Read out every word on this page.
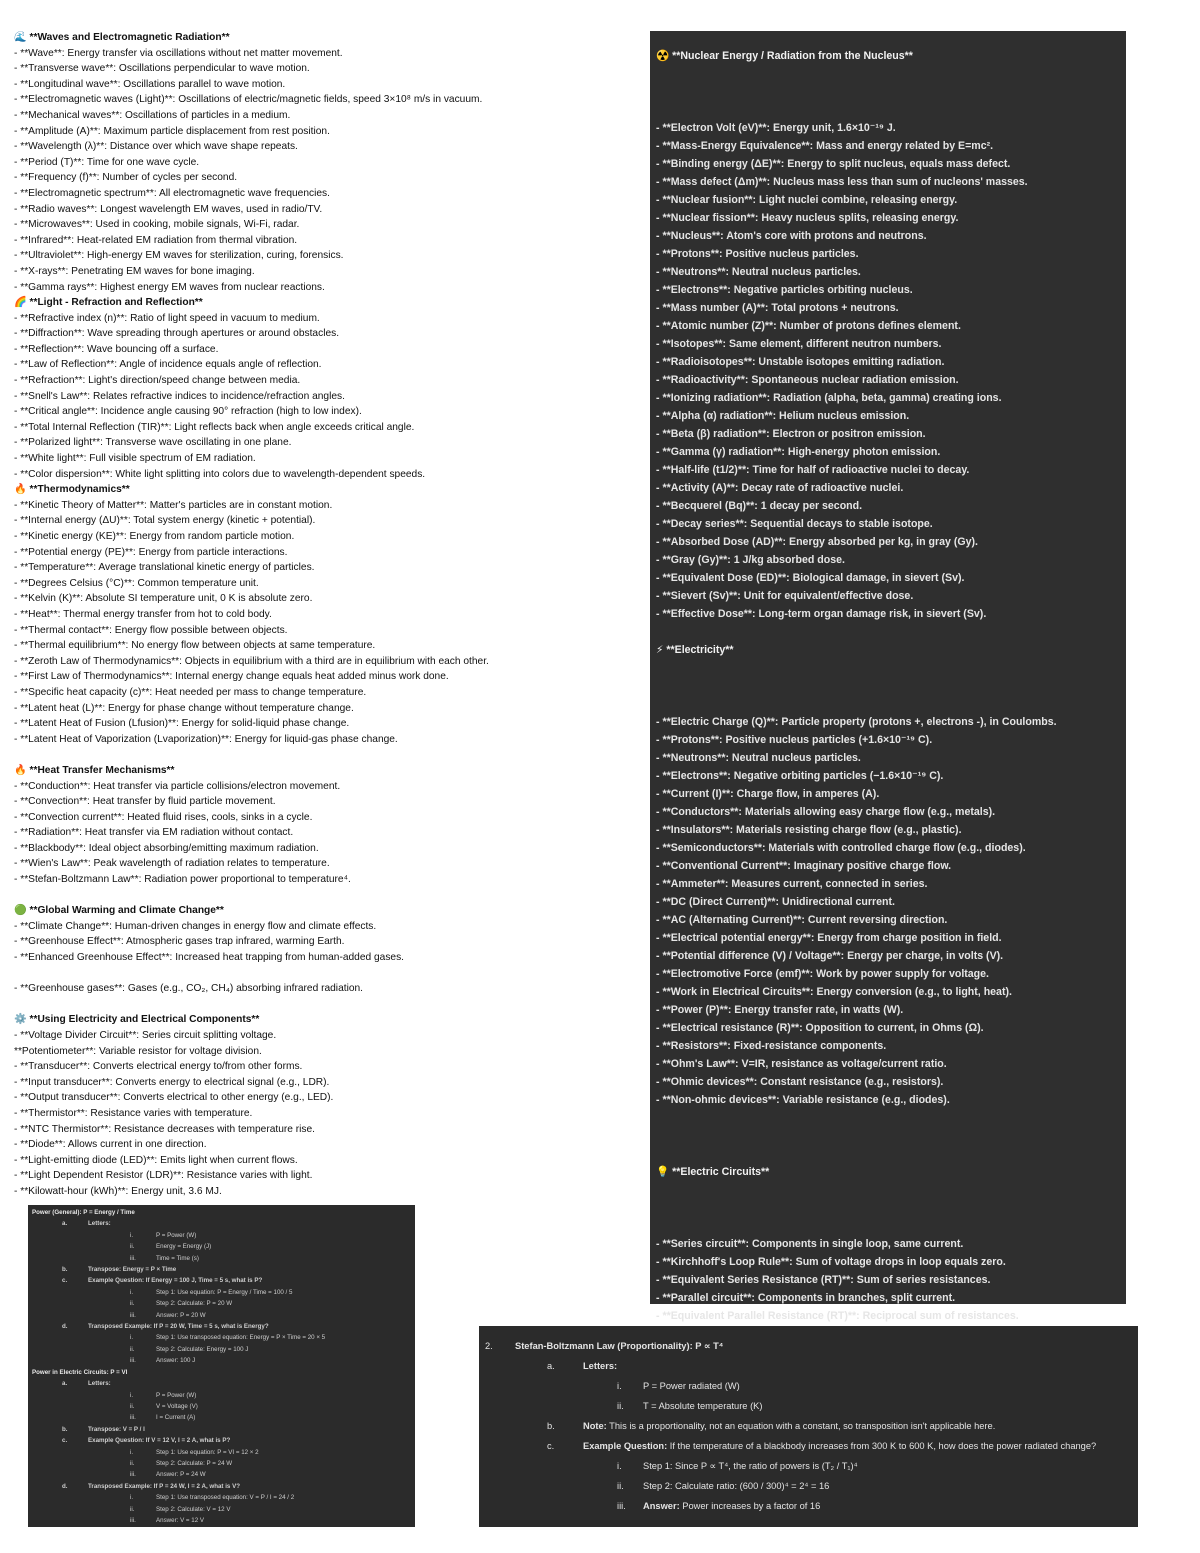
🌊 **Waves and Electromagnetic Radiation**
- **Wave**: Energy transfer via oscillations without net matter movement.
- **Transverse wave**: Oscillations perpendicular to wave motion.
- **Longitudinal wave**: Oscillations parallel to wave motion.
- **Electromagnetic waves (Light)**: Oscillations of electric/magnetic fields, speed 3×10⁸ m/s in vacuum.
- **Mechanical waves**: Oscillations of particles in a medium.
- **Amplitude (A)**: Maximum particle displacement from rest position.
- **Wavelength (λ)**: Distance over which wave shape repeats.
- **Period (T)**: Time for one wave cycle.
- **Frequency (f)**: Number of cycles per second.
- **Electromagnetic spectrum**: All electromagnetic wave frequencies.
- **Radio waves**: Longest wavelength EM waves, used in radio/TV.
- **Microwaves**: Used in cooking, mobile signals, Wi-Fi, radar.
- **Infrared**: Heat-related EM radiation from thermal vibration.
- **Ultraviolet**: High-energy EM waves for sterilization, curing, forensics.
- **X-rays**: Penetrating EM waves for bone imaging.
- **Gamma rays**: Highest energy EM waves from nuclear reactions.
🌈 **Light - Refraction and Reflection**
- **Refractive index (n)**: Ratio of light speed in vacuum to medium.
- **Diffraction**: Wave spreading through apertures or around obstacles.
- **Reflection**: Wave bouncing off a surface.
- **Law of Reflection**: Angle of incidence equals angle of reflection.
- **Refraction**: Light's direction/speed change between media.
- **Snell's Law**: Relates refractive indices to incidence/refraction angles.
- **Critical angle**: Incidence angle causing 90° refraction (high to low index).
- **Total Internal Reflection (TIR)**: Light reflects back when angle exceeds critical angle.
- **Polarized light**: Transverse wave oscillating in one plane.
- **White light**: Full visible spectrum of EM radiation.
- **Color dispersion**: White light splitting into colors due to wavelength-dependent speeds.
🔥 **Thermodynamics**
- **Kinetic Theory of Matter**: Matter's particles are in constant motion.
- **Internal energy (ΔU)**: Total system energy (kinetic + potential).
- **Kinetic energy (KE)**: Energy from random particle motion.
- **Potential energy (PE)**: Energy from particle interactions.
- **Temperature**: Average translational kinetic energy of particles.
- **Degrees Celsius (°C)**: Common temperature unit.
- **Kelvin (K)**: Absolute SI temperature unit, 0 K is absolute zero.
- **Heat**: Thermal energy transfer from hot to cold body.
- **Thermal contact**: Energy flow possible between objects.
- **Thermal equilibrium**: No energy flow between objects at same temperature.
- **Zeroth Law of Thermodynamics**: Objects in equilibrium with a third are in equilibrium with each other.
- **First Law of Thermodynamics**: Internal energy change equals heat added minus work done.
- **Specific heat capacity (c)**: Heat needed per mass to change temperature.
- **Latent heat (L)**: Energy for phase change without temperature change.
- **Latent Heat of Fusion (Lfusion)**: Energy for solid-liquid phase change.
- **Latent Heat of Vaporization (Lvaporization)**: Energy for liquid-gas phase change.
🔥 **Heat Transfer Mechanisms**
- **Conduction**: Heat transfer via particle collisions/electron movement.
- **Convection**: Heat transfer by fluid particle movement.
- **Convection current**: Heated fluid rises, cools, sinks in a cycle.
- **Radiation**: Heat transfer via EM radiation without contact.
- **Blackbody**: Ideal object absorbing/emitting maximum radiation.
- **Wien's Law**: Peak wavelength of radiation relates to temperature.
- **Stefan-Boltzmann Law**: Radiation power proportional to temperature⁴.
🟢 **Global Warming and Climate Change**
- **Climate Change**: Human-driven changes in energy flow and climate effects.
- **Greenhouse Effect**: Atmospheric gases trap infrared, warming Earth.
- **Enhanced Greenhouse Effect**: Increased heat trapping from human-added gases.
- **Greenhouse gases**: Gases (e.g., CO₂, CH₄) absorbing infrared radiation.
⚙️ **Using Electricity and Electrical Components**
- **Voltage Divider Circuit**: Series circuit splitting voltage.
**Potentiometer**: Variable resistor for voltage division.
- **Transducer**: Converts electrical energy to/from other forms.
- **Input transducer**: Converts energy to electrical signal (e.g., LDR).
- **Output transducer**: Converts electrical to other energy (e.g., LED).
- **Thermistor**: Resistance varies with temperature.
- **NTC Thermistor**: Resistance decreases with temperature rise.
- **Diode**: Allows current in one direction.
- **Light-emitting diode (LED)**: Emits light when current flows.
- **Light Dependent Resistor (LDR)**: Resistance varies with light.
- **Kilowatt-hour (kWh)**: Energy unit, 3.6 MJ.
☢️ **Nuclear Energy / Radiation from the Nucleus**
- **Electron Volt (eV)**: Energy unit, 1.6×10⁻¹⁹ J.
- **Mass-Energy Equivalence**: Mass and energy related by E=mc².
- **Binding energy (ΔE)**: Energy to split nucleus, equals mass defect.
- **Mass defect (Δm)**: Nucleus mass less than sum of nucleons' masses.
- **Nuclear fusion**: Light nuclei combine, releasing energy.
- **Nuclear fission**: Heavy nucleus splits, releasing energy.
- **Nucleus**: Atom's core with protons and neutrons.
- **Protons**: Positive nucleus particles.
- **Neutrons**: Neutral nucleus particles.
- **Electrons**: Negative particles orbiting nucleus.
- **Mass number (A)**: Total protons + neutrons.
- **Atomic number (Z)**: Number of protons defines element.
- **Isotopes**: Same element, different neutron numbers.
- **Radioisotopes**: Unstable isotopes emitting radiation.
- **Radioactivity**: Spontaneous nuclear radiation emission.
- **Ionizing radiation**: Radiation (alpha, beta, gamma) creating ions.
- **Alpha (α) radiation**: Helium nucleus emission.
- **Beta (β) radiation**: Electron or positron emission.
- **Gamma (γ) radiation**: High-energy photon emission.
- **Half-life (t1/2)**: Time for half of radioactive nuclei to decay.
- **Activity (A)**: Decay rate of radioactive nuclei.
- **Becquerel (Bq)**: 1 decay per second.
- **Decay series**: Sequential decays to stable isotope.
- **Absorbed Dose (AD)**: Energy absorbed per kg, in gray (Gy).
- **Gray (Gy)**: 1 J/kg absorbed dose.
- **Equivalent Dose (ED)**: Biological damage, in sievert (Sv).
- **Sievert (Sv)**: Unit for equivalent/effective dose.
- **Effective Dose**: Long-term organ damage risk, in sievert (Sv).
⚡ **Electricity**
- **Electric Charge (Q)**: Particle property (protons +, electrons -), in Coulombs.
- **Protons**: Positive nucleus particles (+1.6×10⁻¹⁹ C).
- **Neutrons**: Neutral nucleus particles.
- **Electrons**: Negative orbiting particles (−1.6×10⁻¹⁹ C).
- **Current (I)**: Charge flow, in amperes (A).
- **Conductors**: Materials allowing easy charge flow (e.g., metals).
- **Insulators**: Materials resisting charge flow (e.g., plastic).
- **Semiconductors**: Materials with controlled charge flow (e.g., diodes).
- **Conventional Current**: Imaginary positive charge flow.
- **Ammeter**: Measures current, connected in series.
- **DC (Direct Current)**: Unidirectional current.
- **AC (Alternating Current)**: Current reversing direction.
- **Electrical potential energy**: Energy from charge position in field.
- **Potential difference (V) / Voltage**: Energy per charge, in volts (V).
- **Electromotive Force (emf)**: Work by power supply for voltage.
- **Work in Electrical Circuits**: Energy conversion (e.g., to light, heat).
- **Power (P)**: Energy transfer rate, in watts (W).
- **Electrical resistance (R)**: Opposition to current, in Ohms (Ω).
- **Resistors**: Fixed-resistance components.
- **Ohm's Law**: V=IR, resistance as voltage/current ratio.
- **Ohmic devices**: Constant resistance (e.g., resistors).
- **Non-ohmic devices**: Variable resistance (e.g., diodes).
💡 **Electric Circuits**
- **Series circuit**: Components in single loop, same current.
- **Kirchhoff's Loop Rule**: Sum of voltage drops in loop equals zero.
- **Equivalent Series Resistance (RT)**: Sum of series resistances.
- **Parallel circuit**: Components in branches, split current.
- **Equivalent Parallel Resistance (RT)**: Reciprocal sum of resistances.
Power (General): P = Energy / Time
a.	Letters:
i.	P = Power (W)
ii.	Energy = Energy (J)
iii.	Time = Time (s)
b.	Transpose: Energy = P × Time
c.	Example Question: If Energy = 100 J, Time = 5 s, what is P?
i.	Step 1: Use equation: P = Energy / Time = 100 / 5
ii.	Step 2: Calculate: P = 20 W
iii.	Answer: P = 20 W
d.	Transposed Example: If P = 20 W, Time = 5 s, what is Energy?
i.	Step 1: Use transposed equation: Energy = P × Time = 20 × 5
ii.	Step 2: Calculate: Energy = 100 J
iii.	Answer: 100 J
Power in Electric Circuits: P = VI
a.	Letters:
i.	P = Power (W)
ii.	V = Voltage (V)
iii.	I = Current (A)
b.	Transpose: V = P / I
c.	Example Question: If V = 12 V, I = 2 A, what is P?
i.	Step 1: Use equation: P = VI = 12 × 2
ii.	Step 2: Calculate: P = 24 W
iii.	Answer: P = 24 W
d.	Transposed Example: If P = 24 W, I = 2 A, what is V?
i.	Step 1: Use transposed equation: V = P / I = 24 / 2
ii.	Step 2: Calculate: V = 12 V
iii.	Answer: V = 12 V
2. Stefan-Boltzmann Law (Proportionality): P ∝ T⁴
a.	Letters:
i. P = Power radiated (W)
ii. T = Absolute temperature (K)
b.	Note: This is a proportionality, not an equation with a constant, so transposition isn't applicable here.
c.	Example Question: If the temperature of a blackbody increases from 300 K to 600 K, how does the power radiated change?
i. Step 1: Since P ∝ T⁴, the ratio of powers is (T₂ / T₁)⁴
ii. Step 2: Calculate ratio: (600 / 300)⁴ = 2⁴ = 16
iii. Answer: Power increases by a factor of 16
